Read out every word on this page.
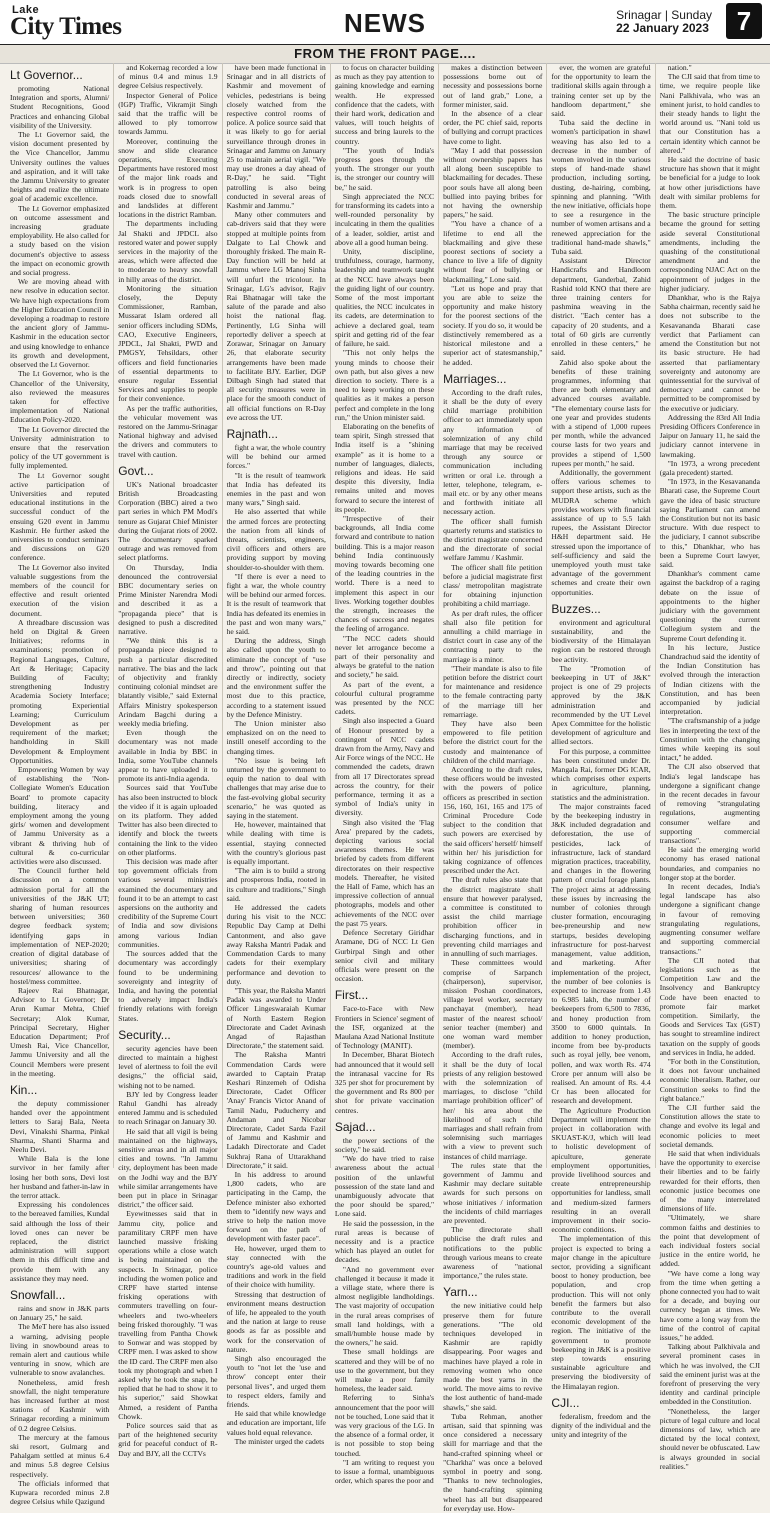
Lake
City Times	NEWS	Srinagar | Sunday
22 January 2023	7
FROM THE FRONT PAGE....
Lt Governor...

promoting National Integration and sports, Alumni/ Student Recognitions, Good Practices and enhancing Global visibility of the University.

The Lt Governor said, the vision document presented by the Vice Chancellor, Jammu University outlines the values and aspiration, and it will take the Jammu University to greater heights and realize the ultimate goal of academic excellence.

The Lt Governor emphasized on outcome assessment and increasing graduate employability. He also called for a study based on the vision document's objective to assess the impact on economic growth and social progress.

We are moving ahead with new resolve in education sector. We have high expectations from the Higher Education Council in developing a roadmap to restore the ancient glory of Jammu-Kashmir in the education sector and using knowledge to enhance its growth and development, observed the Lt Governor.

The Lt Governor, who is the Chancellor of the University, also reviewed the measures taken for effective implementation of National Education Policy-2020.

The Lt Governor directed the University administration to ensure that the reservation policy of the UT government is fully implemented.

The Lt Governor sought active participation of Universities and reputed educational institutions in the successful conduct of the ensuing G20 event in Jammu Kashmir. He further asked the universities to conduct seminars and discussions on G20 conference.

The Lt Governor also invited valuable suggestions from the members of the council for effective and result oriented execution of the vision document.

A threadbare discussion was held on Digital & Green Initiatives; reforms in examinations; promotion of Regional Languages, Culture, Art & Heritage; Capacity Building of Faculty; strengthening Industry Academia Society Interface; promoting Experiential Learning; Curriculum Development as per requirement of the market; handholding in Skill Development & Employment Opportunities.

Empowering Women by way of establishing the 'Non-Collegiate Women's Education Board' to promote capacity building, literacy and employment among the young girls/ women and development of Jammu University as a vibrant & thriving hub of cultural & co-curricular activities were also discussed.

The Council further held discussion on a common admission portal for all the universities of the J&K UT; sharing of human resources between universities; 360 degree feedback system; identifying gaps in implementation of NEP-2020; creation of digital database of universities; sharing of resources/ allowance to the hostel/mess committee.

Rajeev Rai Bhatnagar, Advisor to Lt Governor; Dr Arun Kumar Mehta, Chief Secretary; Alok Kumar, Principal Secretary, Higher Education Department; Prof Umesh Rai, Vice Chancellor, Jammu University and all the Council Members were present in the meeting.

Kin...

the deputy commissioner handed over the appointment letters to Saraj Bala, Neeta Devi, Vinakshi Sharma, Pinkal Sharma, Shanti Sharma and Neelu Devi.

While Bala is the lone survivor in her family after losing her both sons, Devi lost her husband and father-in-law in the terror attack.

Expressing his condolences to the bereaved families, Kundal said although the loss of their loved ones can never be replaced, the district administration will support them in this difficult time and provide them with any assistance they may need.

Snowfall...

rains and snow in J&K parts on January 25," he said.

The MeT here has also issued a warning, advising people living in snowbound areas to remain alert and cautious while venturing in snow, which are vulnerable to snow avalanches.

Nonetheless, amid fresh snowfall, the night temperature has increased further at most stations of Kashmir with Srinagar recording a minimum of 0.2 degree Celsius.

The mercury at the famous ski resort, Gulmarg and Pahalgam settled at minus 6.4 and minus 5.8 degree Celsius respectively.

The officials informed that Kupwara recorded minus 2.8 degree Celsius while Qazigund

and Kokernag recorded a low of minus 0.4 and minus 1.9 degree Celsius respectively.

Inspector General of Police (IGP) Traffic, Vikramjit Singh said that the traffic will be allowed to ply tomorrow towards Jammu.

Moreover, continuing the snow and slide clearance operations, Executing Departments have restored most of the major link roads and work is in progress to open roads closed due to snowfall and landslides at different locations in the district Ramban.

The departments including Jal Shakti and JPDCL also restored water and power supply services in the majority of the areas, which were affected due to moderate to heavy snowfall in hilly areas of the district.

Monitoring the situation closely, the Deputy Commissioner, Ramban, Mussarat Islam ordered all senior officers including SDMs, CAO, Executive Engineers, JPDCL, Jal Shakti, PWD and PMGSY, Tehsildars, other officers and field functionaries of essential departments to ensure regular Essential Services and supplies to people for their convenience.

As per the traffic authorities, the vehicular movement was restored on the Jammu-Srinagar National highway and advised the drivers and commuters to travel with caution.

Govt...

UK's National broadcaster British Broadcasting Corporation (BBC) aired a two part series in which PM Modi's tenure as Gujarat Chief Minister during the Gujarat riots of 2002. The documentary sparked outrage and was removed from select platforms.

On Thursday, India denounced the controversial BBC documentary series on Prime Minister Narendra Modi and described it as a "propaganda piece" that is designed to push a discredited narrative.

"We think this is a propaganda piece designed to push a particular discredited narrative. The bias and the lack of objectivity and frankly continuing colonial mindset are blatantly visible," said External Affairs Ministry spokesperson Arindam Bagchi during a weekly media briefing.

Even though the documentary was not made available in India by BBC in India, some YouTube channels appear to have uploaded it to promote its anti-India agenda.

Sources said that YouTube has also been instructed to block the video if it is again uploaded on its platform. They added Twitter has also been directed to identify and block the tweets containing the link to the video on other platforms.

This decision was made after top government officials from various several ministries examined the documentary and found it to be an attempt to cast aspersions on the authority and credibility of the Supreme Court of India and sow divisions among various Indian communities.

The sources added that the documentary was accordingly found to be undermining sovereignty and integrity of India, and having the potential to adversely impact India's friendly relations with foreign States.

Security...

security agencies have been directed to maintain a highest level of alertness to foil the evil designs," the official said, wishing not to be named.

BJY led by Congress leader Rahul Gandhi has already entered Jammu and is scheduled to reach Srinagar on January 30.

He said that all vigil is being maintained on the highways, sensitive areas and in all major cities and towns. "In Jammu city, deployment has been made on the Jodhi way and the BJY while similar arrangements have been put in place in Srinagar district," the officer said.

Eyewitnesses said that in Jammu city, police and paramilitary CRPF men have launched massive frisking operations while a close watch is being maintained on the suspects. In Srinagar, police including the women police and CRPF have started intense frisking operations with commuters travelling on four-wheelers and two-wheelers being frisked thoroughly. "I was travelling from Pantha Chowk to Sonwar and was stopped by CRPF men. I was asked to show the ID card. The CRPF men also took my photograph and when I asked why he took the snap, he replied that he had to show it to his superior," said Showkat Ahmed, a resident of Pantha Chowk.

Police sources said that as part of the heightened security grid for peaceful conduct of R-Day and BJY, all the CCTVs

have been made functional in Srinagar and in all districts of Kashmir and movement of vehicles, pedestrians is being closely watched from the respective control rooms of police. A police source said that it was likely to go for aerial surveillance through drones in Srinagar and Jammu on January 25 to maintain aerial vigil. "We may use drones a day ahead of R-Day," he said. "Tight patrolling is also being conducted in several areas of Kashmir and Jammu."

Many other commuters and cab-drivers said that they were stopped at multiple points from Dalgate to Lal Chowk and thoroughly frisked. The main R-Day function will be held at Jammu where LG Manoj Sinha will unfurl the tricolour. In Srinagar, LG's advisor, Rajiv Rai Bhatnagar will take the salute of the parade and also hoist the national flag. Pertinently, LG Sinha will reportedly deliver a speech at Zorawar, Srinagar on January 26, that elaborate security arrangements have been made to facilitate BJY. Earlier, DGP Dilbagh Singh had stated that all security measures were in place for the smooth conduct of all official functions on R-Day eve across the UT.

Rajnath...

fight a war, the whole country will be behind our armed forces."

"It is the result of teamwork that India has defeated its enemies in the past and won many wars," Singh said.

He also asserted that while the armed forces are protecting the nation from all kinds of threats, scientists, engineers, civil officers and others are providing support by moving shoulder-to-shoulder with them.

"If there is ever a need to fight a war, the whole country will be behind our armed forces. It is the result of teamwork that India has defeated its enemies in the past and won many wars," he said.

During the address, Singh also called upon the youth to eliminate the concept of "use and throw", pointing out that directly or indirectly, society and the environment suffer the most due to this practice, according to a statement issued by the Defence Ministry.

The Union minister also emphasized on on the need to instill oneself according to the changing times.

"No issue is being left unturned by the government to equip the nation to deal with challenges that may arise due to the fast-evolving global security scenario," he was quoted as saying in the statement.

He, however, maintained that while dealing with time is essential, staying connected with the country's glorious past is equally important.

"The aim is to build a strong and prosperous India, rooted in its culture and traditions," Singh said.

He addressed the cadets during his visit to the NCC Republic Day Camp at Delhi Cantonment, and also gave away Raksha Mantri Padak and Commendation Cards to many cadets for their exemplary performance and devotion to duty.

"This year, the Raksha Mantri Padak was awarded to Under Officer Lingeswaraiah Kumar of North Eastern Region Directorate and Cadet Avinash Angad of Rajasthan Directorate," the statement said.

The Raksha Mantri Commendation Cards were awarded to Captain Pratap Keshari Rinzemeh of Odisha Directorate, Cadet Officer 'Anay' Francis Victor Anand of Tamil Nadu, Puducherry and Andaman and Nicobar Directorate, Cadet Sarda Fazil of Jammu and Kashmir and Ladakh Directorate and Cadet Sukhraj Rana of Uttarakhand Directorate," it said.

In his address to around 1,800 cadets, who are participating in the Camp, the Defence minister also exhorted them to "identify new ways and strive to help the nation move forward on the path of development with faster pace".

He, however, urged them to stay connected with the country's age-old values and traditions and work in the field of their choice with humility.

Stressing that destruction of environment means destruction of life, he appealed to the youth and the nation at large to reuse goods as far as possible and work for the conservation of nature.

Singh also encouraged the youth to "not let the 'use and throw' concept enter their personal lives", and urged them to respect elders, family and friends.

He said that while knowledge and education are important, life values hold equal relevance.

The minister urged the cadets

to focus on character building as much as they pay attention to gaining knowledge and earning wealth. He expressed confidence that the cadets, with their hard work, dedication and values, will touch heights of success and bring laurels to the country.

"The youth of India's progress goes through the youth. The stronger our youth is, the stronger our country will be," he said.

Singh appreciated the NCC for transforming its cadets into a well-rounded personality by inculcating in them the qualities of a leader, soldier, artist and above all a good human being.

Unity, discipline, truthfulness, courage, harmony, leadership and teamwork taught at the NCC have always been the guiding light of our country. Some of the most important qualities, the NCC inculcates in its cadets, are determination to achieve a declared goal, team spirit and getting rid of the fear of failure, he said.

"This not only helps the young minds to choose their own path, but also gives a new direction to society. There is a need to keep working on these qualities as it makes a person perfect and complete in the long run," the Union minister said.

Elaborating on the benefits of team spirit, Singh stressed that India itself is a "shining example" as it is home to a number of languages, dialects, religions and ideas. He said despite this diversity, India remains united and moves forward to secure the interest of its people.

"Irrespective of their backgrounds, all India come forward and contribute to nation building. This is a major reason behind India continuously moving towards becoming one of the leading countries in the world. There is a need to implement this aspect in our lives. Working together doubles the strength, increases the chances of success and negates the feeling of arrogance.

"The NCC cadets should never let arrogance become a part of their personality and always be grateful to the nation and society," he said.

As part of the event, a colourful cultural programme was presented by the NCC cadets.

Singh also inspected a Guard of Honour presented by a contingent of NCC cadets drawn from the Army, Navy and Air Force wings of the NCC. He commended the cadets, drawn from all 17 Directorates spread across the country, for their performance, terming it as a symbol of India's unity in diversity.

Singh also visited the 'Flag Area' prepared by the cadets, depicting various social awareness themes. He was briefed by cadets from different directorates on their respective models. Thereafter, he visited the Hall of Fame, which has an impressive collection of annual photographs, models and other achievements of the NCC over the past 75 years.

Defence Secretary Giridhar Aramane, DG of NCC Lt Gen Gurbirpal Singh and other senior civil and military officials were present on the occasion.

First...

Face-to-Face with New Frontiers in Science' segment of the ISF, organized at the Maulana Azad National Institute of Technology (MANIT).

In December, Bharat Biotech had announced that it would sell the intranasal vaccine for Rs 325 per shot for procurement by the government and Rs 800 per shot for private vaccination centres.

Sajad...

the power sections of the society," he said.

"We do have tried to raise awareness about the actual position of the unlawful possession of the state land and unambiguously advocate that the poor should be spared," Lone said.

He said the possession, in the rural areas is because of necessity and is a practice which has played an outlet for decades.

"And no government ever challenged it because it made it a village state, where there is almost negligible landholdings. The vast majority of occupation in the rural areas comprises of small land holdings, with a small/humble house made by the owners," he said.

These small holdings are scattered and they will be of no use to the government, but they will make a poor family homeless, the leader said.

Referring to Sinha's announcement that the poor will not be touched, Lone said that it was very gracious of the LG. In the absence of a formal order, it is not possible to stop being touched.

"I am writing to request you to issue a formal, unambiguous order, which spares the poor and

makes a distinction between possessions borne out of necessity and possessions borne out of land grab," Lone, a former minister, said.

In the absence of a clear order, the PC chief said, reports of bullying and corrupt practices have come to light.

"May I add that possession without ownership papers has all along been susceptible to blackmailing for decades. These poor souls have all along been bullied into paying bribes for not having the ownership papers," he said.

"You have a chance of a lifetime to end all the blackmailing and give these poorest sections of society a chance to live a life of dignity without fear of bullying or blackmailing," Lone said.

"Let us hope and pray that you are able to seize the opportunity and make history for the poorest sections of the society. If you do so, it would be distinctively remembered as a historical milestone and a superior act of statesmanship," he added.

Marriages...

According to the draft rules, it shall be the duty of every child marriage prohibition officer to act immediately upon any information of solemnization of any child marriage that may be received through any source or communication including written or oral i.e. through a letter, telephone, telegram, e-mail etc. or by any other means and forthwith initiate all necessary action.

The officer shall furnish quarterly returns and statistics to the district magistrate concerned and the directorate of social welfare Jammu / Kashmir.

The officer shall file petition before a judicial magistrate first class/ metropolitan magistrate for obtaining injunction prohibiting a child marriage.

As per draft rules, the officer shall also file petition for annulling a child marriage in district court in case any of the contracting party to the marriage is a minor.

"Their mandate is also to file petition before the district court for maintenance and residence to the female contracting party of the marriage till her remarriage.

They have also been empowered to file petition before the district court for the custody and maintenance of children of the child marriage.

According to the draft rules, these officers would be invested with the powers of police officers as prescribed in section 156, 160, 161, 165 and 175 of Criminal Procedure Code subject to the condition that such powers are exercised by the said officers' herself/ himself within her/ his jurisdiction for taking cognizance of offences prescribed under the Act.

The draft rules also state that the district magistrate shall ensure that however paralysed, a committee is constituted to assist the child marriage prohibition officer in discharging functions, and in preventing child marriages and in annulling of such marriages.

These committees would comprise of Sarpanch (chairperson), supervisor, mission Poshan coordinators, village level worker, secretary panchayat (member), head master of the nearest school/ senior teacher (member) and one woman ward member (member).

According to the draft rules, it shall be the duty of local priests of any religion bestowed with the solemnization of marriages, to disclose "child marriage prohibition officer" of her/ his area about the likelihood of such child marriages and shall refrain from solemnising such marriages with a view to prevent such instances of child marriage.

The rules state that the government of Jammu and Kashmir may declare suitable awards for such persons on whose initiatives / information the incidents of child marriages are prevented.

The directorate shall publicise the draft rules and notifications to the public through various means to create awareness of "national importance," the rules state.

Yarn...

the new initiative could help preserve them for future generations. "The old techniques developed in Kashmir are rapidly disappearing. Poor wages and machines have played a role in removing women who once made the best yarns in the world. The move aims to revive the lost authentic of hand-made shawls," she said.

Tuba Rehman, another artisan, said that spinning was once considered a necessary skill for marriage and that the hand-crafted spinning wheel or "Charkha" was once a beloved symbol in poetry and song. "Thanks to new technologies, the hand-crafting spinning wheel has all but disappeared for everyday use. How-

ever, the women are grateful for the opportunity to learn the traditional skills again through a training center set up by the handloom department," she said.

Tuba said the decline in women's participation in shawl weaving has also led to a decrease in the number of women involved in the various steps of hand-made shawl production, including sorting, dusting, de-hairing, combing, spinning and planning. "With the new initiative, officials hope to see a resurgence in the number of women artisans and a renewed appreciation for the traditional hand-made shawls," Tuba said.

Assistant Director Handicrafts and Handloom department, Ganderbal, Zahid Rashid told KNO that there are three training centers for pashmina weaving in the district. "Each center has a capacity of 20 students, and a total of 60 girls are currently enrolled in these centers," he said.

Zahid also spoke about the benefits of these training programmes, informing that there are both elementary and advanced courses available. "The elementary course lasts for one year and provides students with a stipend of 1,000 rupees per month, while the advanced course lasts for two years and provides a stipend of 1,500 rupees per month," he said.

Additionally, the government offers various schemes to support these artists, such as the MUDRA scheme which provides workers with financial assistance of up to 5.5 lakh rupees, the Assistant Director H&H department said. He stressed upon the importance of self-sufficiency and said the unemployed youth must take advantage of the government schemes and create their own opportunities.

Buzzes...

environment and agricultural sustainability, and the biodiversity of the Himalayan region can be restored through bee activity.

The "Promotion of beekeeping in UT of J&K" project is one of 29 projects approved by the J&K administration and recommended by the UT Level Apex Committee for the holistic development of agriculture and allied sectors.

For this purpose, a committee has been constituted under Dr. Mangala Rai, former DG ICAR, which comprises other experts in agriculture, planning, statistics and the administration.

The major constraints faced by the beekeeping industry in J&K included degradation and deforestation, the use of pesticides, lack of infrastructure, lack of standard migration practices, traceability, and changes in the flowering pattern of crucial forage plants. The project aims at addressing these issues by increasing the number of colonies through cluster formation, encouraging bee-preneurship and new startups, besides developing infrastructure for post-harvest management, value addition, and marketing. After implementation of the project, the number of bee colonies is expected to increase from 1.43 to 6.985 lakh, the number of beekeepers from 6,500 to 7836, and honey production from 3500 to 6000 quintals. In addition to honey production, income from bee by-products such as royal jelly, bee venom, pollen, and wax worth Rs. 474 Crore per annum will also be realised. An amount of Rs. 4.4 Cr has been allocated for research and development.

The Agriculture Production Department will implement the project in collaboration with SKUAST-K/J, which will lead to holistic development of apiculture, generate employment opportunities, provide livelihood sources and create entrepreneurship opportunities for landless, small and medium-sized farmers resulting in an overall improvement in their socio-economic conditions.

The implementation of this project is expected to bring a major change in the apiculture sector, providing a significant boost to honey production, bee population, and crop production. This will not only benefit the farmers but also contribute to the overall economic development of the region. The initiative of the government to promote beekeeping in J&K is a positive step towards ensuring sustainable agriculture and preserving the biodiversity of the Himalayan region.

CJI...

federalism, freedom and the dignity of the individual and the unity and integrity of the

nation."

The CJI said that from time to time, we require people like Nani Palkhivala, who was an eminent jurist, to hold candles to their steady hands to light the world around us. "Nani told us that our Constitution has a certain identity which cannot be altered."

He said the doctrine of basic structure has shown that it might be beneficial for a judge to look at how other jurisdictions have dealt with similar problems for them.

The basic structure principle became the ground for setting aside several Constitutional amendments, including the quashing of the constitutional amendment and the corresponding NJAC Act on the appointment of judges in the higher judiciary.

Dhankhar, who is the Rajya Sabha chairman, recently said he does not subscribe to the Kesavananda Bharati case verdict that Parliament can amend the Constitution but not its basic structure. He had asserted that parliamentary sovereignty and autonomy are quintessential for the survival of democracy and cannot be permitted to be compromised by the executive or judiciary.

Addressing the 83rd All India Presiding Officers Conference in Jaipur on January 11, he said the judiciary cannot intervene in lawmaking.

"In 1973, a wrong precedent (gala precedent) started.

"In 1973, in the Kesavananda Bharati case, the Supreme Court gave the idea of basic structure saying Parliament can amend the Constitution but not its basic structure. With due respect to the judiciary, I cannot subscribe to this," Dhankhar, who has been a Supreme Court lawyer, said.

Dhankhar's comment came against the backdrop of a raging debate on the issue of appointments to the higher judiciary with the government questioning the current Collegium system and the Supreme Court defending it.

In his lecture, Justice Chandrachud said the identity of the Indian Constitution has evolved through the interaction of Indian citizens with the Constitution, and has been accompanied by judicial interpretation.

"The craftsmanship of a judge lies in interpreting the text of the Constitution with the changing times while keeping its soul intact," he added.

The CJI also observed that India's legal landscape has undergone a significant change in the recent decades in favour of removing "strangulating regulations, augmenting consumer welfare and supporting commercial transactions".

He said the emerging world economy has erased national boundaries, and companies no longer stop at the border.

In recent decades, India's legal landscape has also undergone a significant change in favour of removing strangulating regulations, augmenting consumer welfare and supporting commercial transactions."

The CJI noted that legislations such as the Competition Law and the Insolvency and Bankruptcy Code have been enacted to promote fair market competition. Similarly, the Goods and Services Tax (GST) has sought to streamline indirect taxation on the supply of goods and services in India, he added.

"For both in the Constitution, it does not favour unchained economic liberalism. Rather, our Constitution seeks to find the right balance."

The CJI further said the Constitution allows the state to change and evolve its legal and economic policies to meet societal demands.

He said that when individuals have the opportunity to exercise their liberties and to be fairly rewarded for their efforts, then economic justice becomes one of the many interrelated dimensions of life.

"Ultimately, we share common faiths and destinies to the point that development of each individual fosters social justice in the entire world, he added.

"We have come a long way from the time when getting a phone connected you had to wait for a decade, and buying our currency began at times. We have come a long way from the time of the control of capital issues," he added.

Talking about Palkhivala and several prominent cases in which he was involved, the CJI said the eminent jurist was at the forefront of preserving the very identity and cardinal principle embedded in the Constitution.

"Nonetheless, the larger picture of legal culture and local dimensions of law, which are dictated by the local context, should never be obfuscated. Law is always grounded in social realities."
